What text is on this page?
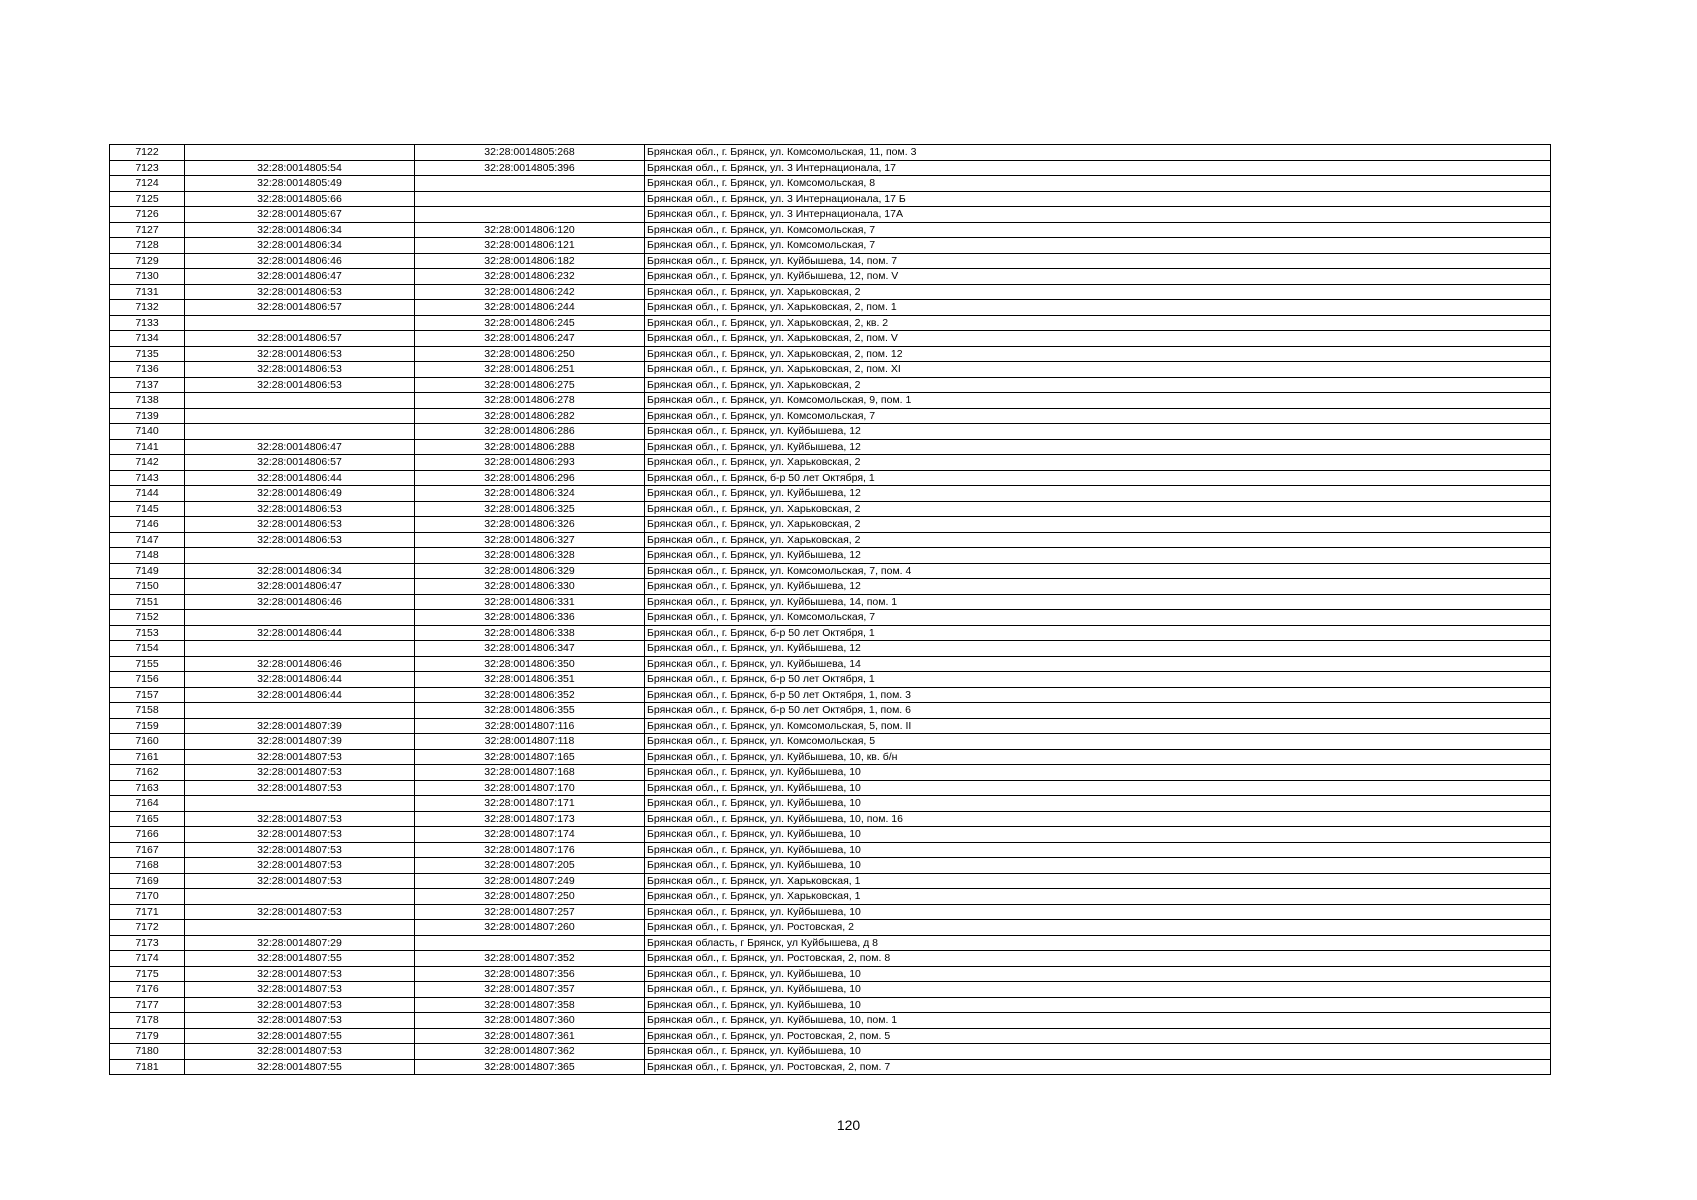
7122		32:28:0014805:268	Брянская обл., г. Брянск, ул. Комсомольская, 11, пом. 3
7123	32:28:0014805:54	32:28:0014805:396	Брянская обл., г. Брянск, ул. 3 Интернационала, 17
7124	32:28:0014805:49		Брянская обл., г. Брянск, ул. Комсомольская, 8
7125	32:28:0014805:66		Брянская обл., г. Брянск, ул. 3 Интернационала, 17 Б
7126	32:28:0014805:67		Брянская обл., г. Брянск, ул. 3 Интернационала, 17А
7127	32:28:0014806:34	32:28:0014806:120	Брянская обл., г. Брянск, ул. Комсомольская, 7
7128	32:28:0014806:34	32:28:0014806:121	Брянская обл., г. Брянск, ул. Комсомольская, 7
7129	32:28:0014806:46	32:28:0014806:182	Брянская обл., г. Брянск, ул. Куйбышева, 14, пом. 7
7130	32:28:0014806:47	32:28:0014806:232	Брянская обл., г. Брянск, ул. Куйбышева, 12, пом. V
7131	32:28:0014806:53	32:28:0014806:242	Брянская обл., г. Брянск, ул. Харьковская, 2
7132	32:28:0014806:57	32:28:0014806:244	Брянская обл., г. Брянск, ул. Харьковская, 2, пом. 1
7133		32:28:0014806:245	Брянская обл., г. Брянск, ул. Харьковская, 2, кв. 2
7134	32:28:0014806:57	32:28:0014806:247	Брянская обл., г. Брянск, ул. Харьковская, 2, пом. V
7135	32:28:0014806:53	32:28:0014806:250	Брянская обл., г. Брянск, ул. Харьковская, 2, пом. 12
7136	32:28:0014806:53	32:28:0014806:251	Брянская обл., г. Брянск, ул. Харьковская, 2, пом. XI
7137	32:28:0014806:53	32:28:0014806:275	Брянская обл., г. Брянск, ул. Харьковская, 2
7138		32:28:0014806:278	Брянская обл., г. Брянск, ул. Комсомольская, 9, пом. 1
7139		32:28:0014806:282	Брянская обл., г. Брянск, ул. Комсомольская, 7
7140		32:28:0014806:286	Брянская обл., г. Брянск, ул. Куйбышева, 12
7141	32:28:0014806:47	32:28:0014806:288	Брянская обл., г. Брянск, ул. Куйбышева, 12
7142	32:28:0014806:57	32:28:0014806:293	Брянская обл., г. Брянск, ул. Харьковская, 2
7143	32:28:0014806:44	32:28:0014806:296	Брянская обл., г. Брянск, б-р 50 лет Октября, 1
7144	32:28:0014806:49	32:28:0014806:324	Брянская обл., г. Брянск, ул. Куйбышева, 12
7145	32:28:0014806:53	32:28:0014806:325	Брянская обл., г. Брянск, ул. Харьковская, 2
7146	32:28:0014806:53	32:28:0014806:326	Брянская обл., г. Брянск, ул. Харьковская, 2
7147	32:28:0014806:53	32:28:0014806:327	Брянская обл., г. Брянск, ул. Харьковская, 2
7148		32:28:0014806:328	Брянская обл., г. Брянск, ул. Куйбышева, 12
7149	32:28:0014806:34	32:28:0014806:329	Брянская обл., г. Брянск, ул. Комсомольская, 7, пом. 4
7150	32:28:0014806:47	32:28:0014806:330	Брянская обл., г. Брянск, ул. Куйбышева, 12
7151	32:28:0014806:46	32:28:0014806:331	Брянская обл., г. Брянск, ул. Куйбышева, 14, пом. 1
7152		32:28:0014806:336	Брянская обл., г. Брянск, ул. Комсомольская, 7
7153	32:28:0014806:44	32:28:0014806:338	Брянская обл., г. Брянск, б-р 50 лет Октября, 1
7154		32:28:0014806:347	Брянская обл., г. Брянск, ул. Куйбышева, 12
7155	32:28:0014806:46	32:28:0014806:350	Брянская обл., г. Брянск, ул. Куйбышева, 14
7156	32:28:0014806:44	32:28:0014806:351	Брянская обл., г. Брянск, б-р 50 лет Октября, 1
7157	32:28:0014806:44	32:28:0014806:352	Брянская обл., г. Брянск, б-р 50 лет Октября, 1, пом. 3
7158		32:28:0014806:355	Брянская обл., г. Брянск, б-р 50 лет Октября, 1, пом. 6
7159	32:28:0014807:39	32:28:0014807:116	Брянская обл., г. Брянск, ул. Комсомольская, 5, пом. II
7160	32:28:0014807:39	32:28:0014807:118	Брянская обл., г. Брянск, ул. Комсомольская, 5
7161	32:28:0014807:53	32:28:0014807:165	Брянская обл., г. Брянск, ул. Куйбышева, 10, кв. б/н
7162	32:28:0014807:53	32:28:0014807:168	Брянская обл., г. Брянск, ул. Куйбышева, 10
7163	32:28:0014807:53	32:28:0014807:170	Брянская обл., г. Брянск, ул. Куйбышева, 10
7164		32:28:0014807:171	Брянская обл., г. Брянск, ул. Куйбышева, 10
7165	32:28:0014807:53	32:28:0014807:173	Брянская обл., г. Брянск, ул. Куйбышева, 10, пом. 16
7166	32:28:0014807:53	32:28:0014807:174	Брянская обл., г. Брянск, ул. Куйбышева, 10
7167	32:28:0014807:53	32:28:0014807:176	Брянская обл., г. Брянск, ул. Куйбышева, 10
7168	32:28:0014807:53	32:28:0014807:205	Брянская обл., г. Брянск, ул. Куйбышева, 10
7169	32:28:0014807:53	32:28:0014807:249	Брянская обл., г. Брянск, ул. Харьковская, 1
7170		32:28:0014807:250	Брянская обл., г. Брянск, ул. Харьковская, 1
7171	32:28:0014807:53	32:28:0014807:257	Брянская обл., г. Брянск, ул. Куйбышева, 10
7172		32:28:0014807:260	Брянская обл., г. Брянск, ул. Ростовская, 2
7173	32:28:0014807:29		Брянская область, г Брянск, ул Куйбышева, д 8
7174	32:28:0014807:55	32:28:0014807:352	Брянская обл., г. Брянск, ул. Ростовская, 2, пом. 8
7175	32:28:0014807:53	32:28:0014807:356	Брянская обл., г. Брянск, ул. Куйбышева, 10
7176	32:28:0014807:53	32:28:0014807:357	Брянская обл., г. Брянск, ул. Куйбышева, 10
7177	32:28:0014807:53	32:28:0014807:358	Брянская обл., г. Брянск, ул. Куйбышева, 10
7178	32:28:0014807:53	32:28:0014807:360	Брянская обл., г. Брянск, ул. Куйбышева, 10, пом. 1
7179	32:28:0014807:55	32:28:0014807:361	Брянская обл., г. Брянск, ул. Ростовская, 2, пом. 5
7180	32:28:0014807:53	32:28:0014807:362	Брянская обл., г. Брянск, ул. Куйбышева, 10
7181	32:28:0014807:55	32:28:0014807:365	Брянская обл., г. Брянск, ул. Ростовская, 2, пом. 7
120
